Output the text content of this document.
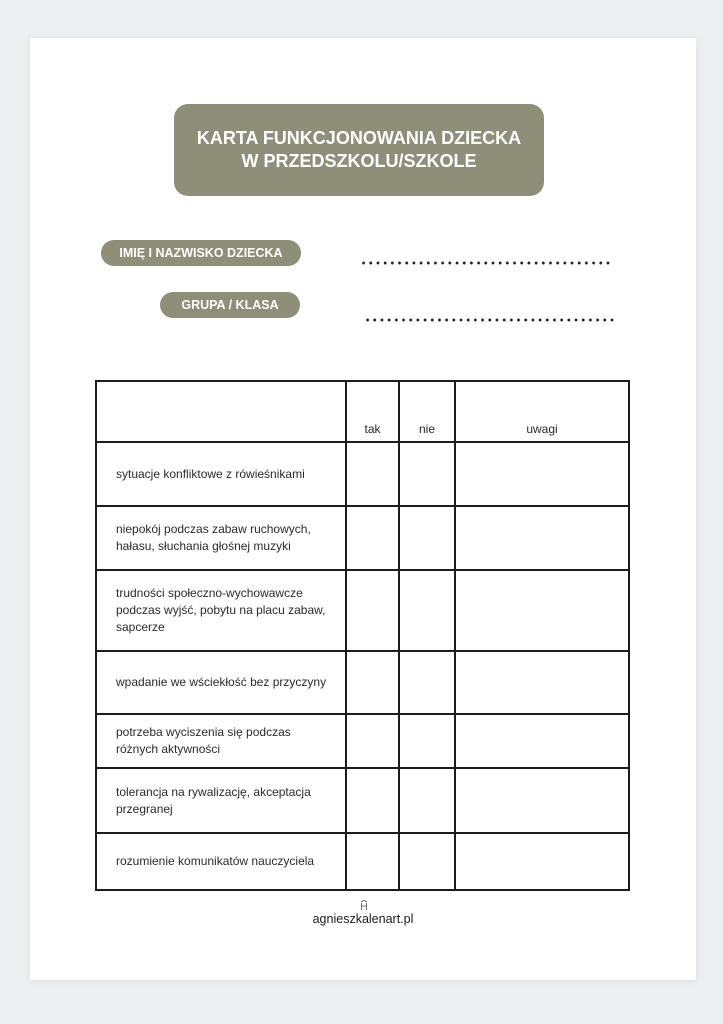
KARTA FUNKCJONOWANIA DZIECKA
W PRZEDSZKOLU/SZKOLE
IMIĘ I NAZWISKO DZIECKA
GRUPA / KLASA
	tak	nie	uwagi

sytuacje konfliktowe z rówieśnikami			

niepokój podczas zabaw ruchowych,
hałasu, słuchania głośnej muzyki			

trudności społeczno-wychowawcze
podczas wyjść, pobytu na placu zabaw,
sapcerze			

wpadanie we wściekłość bez przyczyny			

potrzeba wyciszenia się podczas
różnych aktywności			

tolerancja na rywalizację, akceptacja
przegranej			

rozumienie komunikatów nauczyciela			

agnieszkalenart.pl
